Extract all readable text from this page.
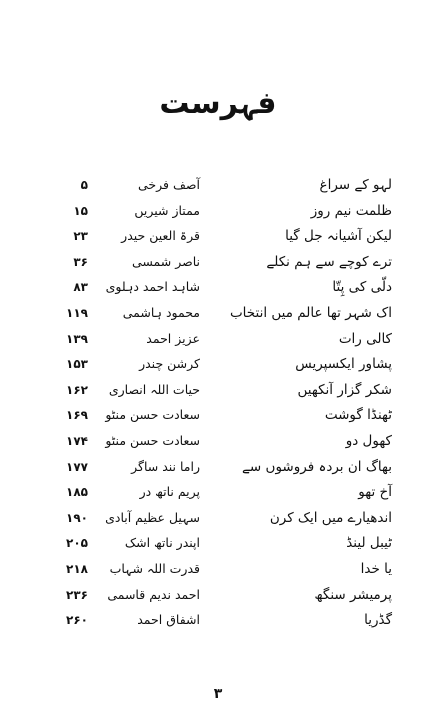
فہرست
لہو کے سراغ
آصف فرخی
۵
ظلمت نیم روز
ممتاز شیریں
۱۵
لیکن آشیانہ جل گیا
قرۃ العین حیدر
۲۳
ترے کوچے سے ہم نکلے
ناصر شمسی
۳۶
دلّی کی پِتّا
شاہد احمد دہلوی
۸۳
اک شہر تھا عالم میں انتخاب
محمود ہاشمی
۱۱۹
کالی رات
عزیز احمد
۱۳۹
پشاور ایکسپریس
کرشن چندر
۱۵۳
شکر گزار آنکھیں
حیات اللہ انصاری
۱۶۲
ٹھنڈا گوشت
سعادت حسن منٹو
۱۶۹
کھول دو
سعادت حسن منٹو
۱۷۴
بھاگ ان بردہ فروشوں سے
راما نند ساگر
۱۷۷
آخ تھو
پریم ناتھ در
۱۸۵
اندھیارے میں ایک کرن
سہیل عظیم آبادی
۱۹۰
ٹیبل لینڈ
اپندر ناتھ اشک
۲۰۵
یا خدا
قدرت اللہ شہاب
۲۱۸
پرمیشر سنگھ
احمد ندیم قاسمی
۲۳۶
گڈریا
اشفاق احمد
۲۶۰
۳
